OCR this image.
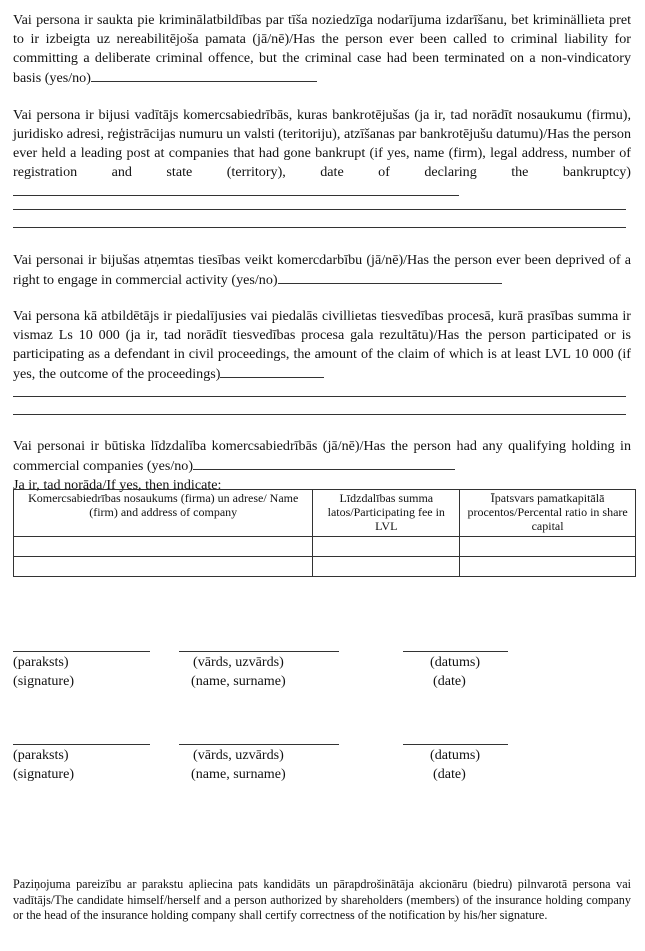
Vai persona ir saukta pie kriminālatbildības par tīša noziedzīga nodarījuma izdarīšanu, bet kriminällieta pret to ir izbeigta uz nereabilitējoša pamata (jā/nē)/Has the person ever been called to criminal liability for committing a deliberate criminal offence, but the criminal case had been terminated on a non-vindicatory basis (yes/no)

Vai persona ir bijusi vadītājs komercsabiedrībās, kuras bankrotējušas (ja ir, tad norādīt nosaukumu (firmu), juridisko adresi, reģistrācijas numuru un valsti (teritoriju), atzīšanas par bankrotējušu datumu)/Has the person ever held a leading post at companies that had gone bankrupt (if yes, name (firm), legal address, number of registration and state (territory), date of declaring the bankruptcy)

Vai personai ir bijušas atņemtas tiesības veikt komercdarbību (jā/nē)/Has the person ever been deprived of a right to engage in commercial activity (yes/no)

Vai persona kā atbildētājs ir piedalījusies vai piedalās civillietas tiesvedības procesā, kurā prasības summa ir vismaz Ls 10 000 (ja ir, tad norādīt tiesvedības procesa gala rezultātu)/Has the person participated or is participating as a defendant in civil proceedings, the amount of the claim of which is at least LVL 10 000 (if yes, the outcome of the proceedings)

Vai personai ir būtiska līdzdalība komercsabiedrībās (jā/nē)/Has the person had any qualifying holding in commercial companies (yes/no)
Ja ir, tad norāda/If yes, then indicate:

Komercsabiedrības nosaukums (firma) un adrese/ Name (firm) and address of company	Līdzdalības summa latos/Participating fee in LVL	Īpatsvars pamatkapitālā procentos/Percental ratio in share capital

(paraksts)
(signature)
(vārds, uzvārds)
(name, surname)
(datums)
(date)
(paraksts)
(signature)
(vārds, uzvārds)
(name, surname)
(datums)
(date)

Paziņojuma pareizību ar parakstu apliecina pats kandidāts un pārapdrošinātāja akcionāru (biedru) pilnvarotā persona vai vadītājs/The candidate himself/herself and a person authorized by shareholders (members) of the insurance holding company or the head of the insurance holding company shall certify correctness of the notification by his/her signature.
